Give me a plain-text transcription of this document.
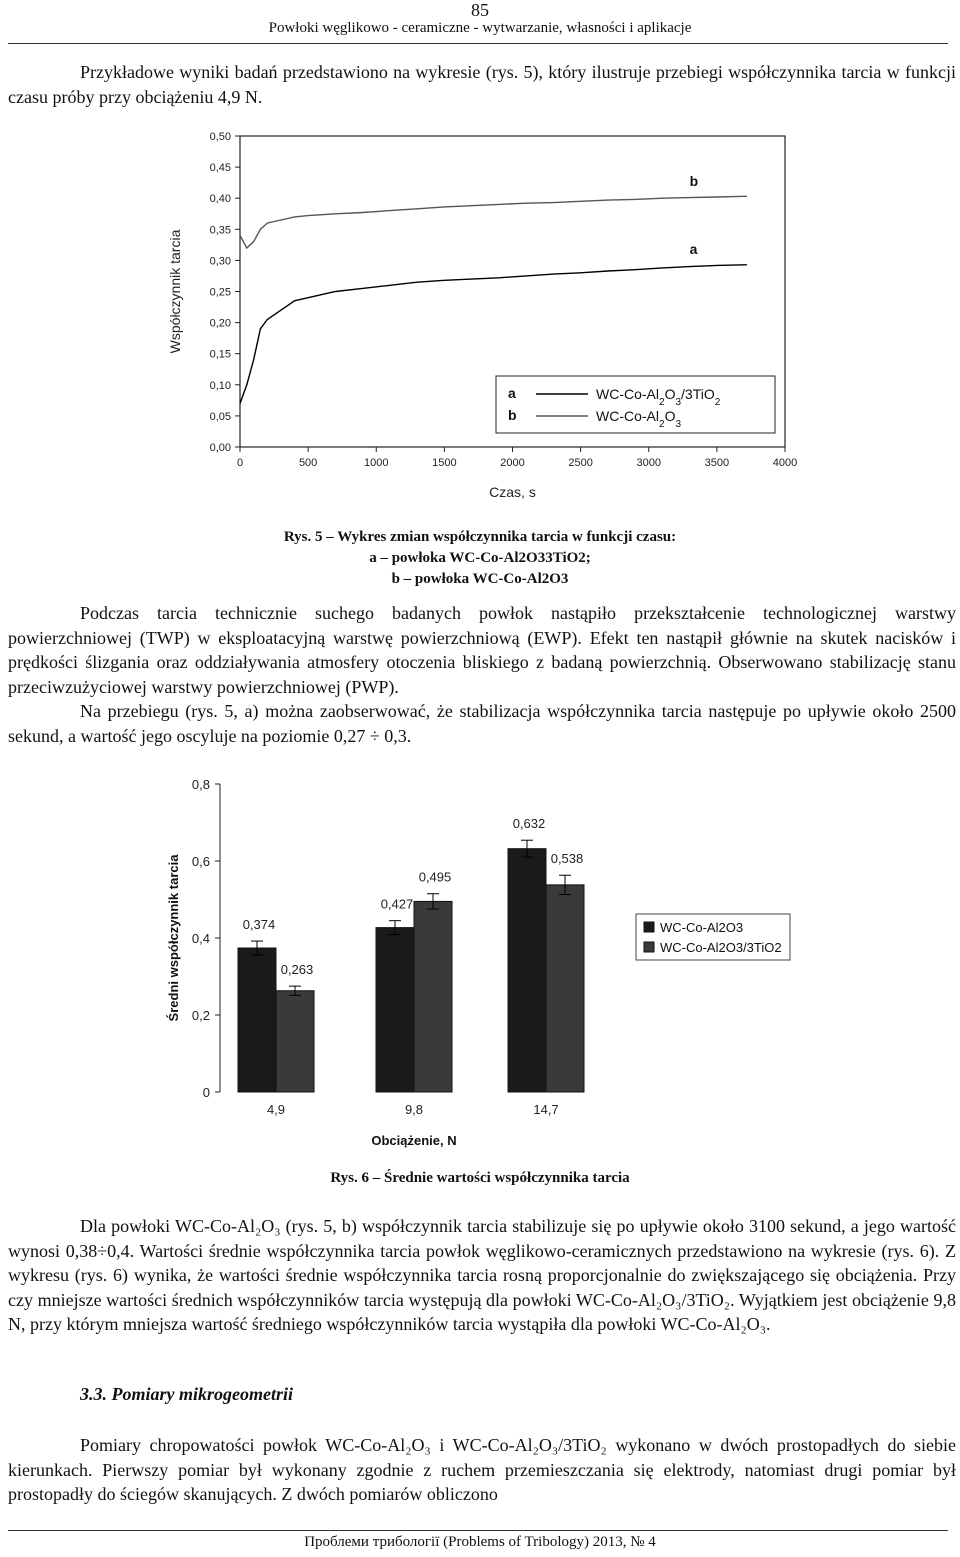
85
Powłoki węglikowo - ceramiczne - wytwarzanie, własności i aplikacje

Przykładowe wyniki badań przedstawiono na wykresie (rys. 5), który ilustruje przebiegi współczynnika tarcia w funkcji czasu próby przy obciążeniu 4,9 N.

0,00
0,05
0,10
0,15
0,20
0,25
0,30
0,35
0,40
0,45
0,50
0	500	1000	1500	2000	2500	3000	3500	4000
Czas, s
Współczynnik tarcia
b
a
a	$WC-Co-Al_2O_3/3TiO_2$
b	$WC-Co-Al_2O_3$
Rys. 5 – Wykres zmian współczynnika tarcia w funkcji czasu:
a – powłoka WC-Co-Al2O33TiO2;
b – powłoka WC-Co-Al2O3

Podczas tarcia technicznie suchego badanych powłok nastąpiło przekształcenie technologicznej warstwy powierzchniowej (TWP) w eksploatacyjną warstwę powierzchniową (EWP). Efekt ten nastąpił głównie na skutek nacisków i prędkości ślizgania oraz oddziaływania atmosfery otoczenia bliskiego z badaną powierzchnią. Obserwowano stabilizację stanu przeciwzużyciowej warstwy powierzchniowej (PWP).

Na przebiegu (rys. 5, a) można zaobserwować, że stabilizacja współczynnika tarcia następuje po upływie około 2500 sekund, a wartość jego oscyluje na poziomie 0,27 ÷ 0,3.

0
0,2
0,4
0,6
0,8
Średni współczynnik tarcia
4,9
0,374
0,263
9,8
0,427
0,495
14,7
0,632
0,538
Obciążenie, N
WC-Co-Al2O3
WC-Co-Al2O3/3TiO2
Rys. 6 – Średnie wartości współczynnika tarcia

Dla powłoki WC-Co-Al₂O₃ (rys. 5, b) współczynnik tarcia stabilizuje się po upływie około 3100 sekund, a jego wartość wynosi 0,38÷0,4. Wartości średnie współczynnika tarcia powłok węglikowo-ceramicznych przedstawiono na wykresie (rys. 6). Z wykresu (rys. 6) wynika, że wartości średnie współczynnika tarcia rosną proporcjonalnie do zwiększającego się obciążenia. Przy czy mniejsze wartości średnich współczynników tarcia występują dla powłoki WC-Co-Al₂O₃/3TiO₂. Wyjątkiem jest obciążenie 9,8 N, przy którym mniejsza wartość średniego współczynników tarcia wystąpiła dla powłoki WC-Co-Al₂O₃.

3.3. Pomiary mikrogeometrii

Pomiary chropowatości powłok WC-Co-Al₂O₃ i WC-Co-Al₂O₃/3TiO₂ wykonano w dwóch prostopadłych do siebie kierunkach. Pierwszy pomiar był wykonany zgodnie z ruchem przemieszczania się elektrody, natomiast drugi pomiar był prostopadły do ściegów skanujących. Z dwóch pomiarów obliczono

Проблеми трибології (Problems of Tribology) 2013, № 4
